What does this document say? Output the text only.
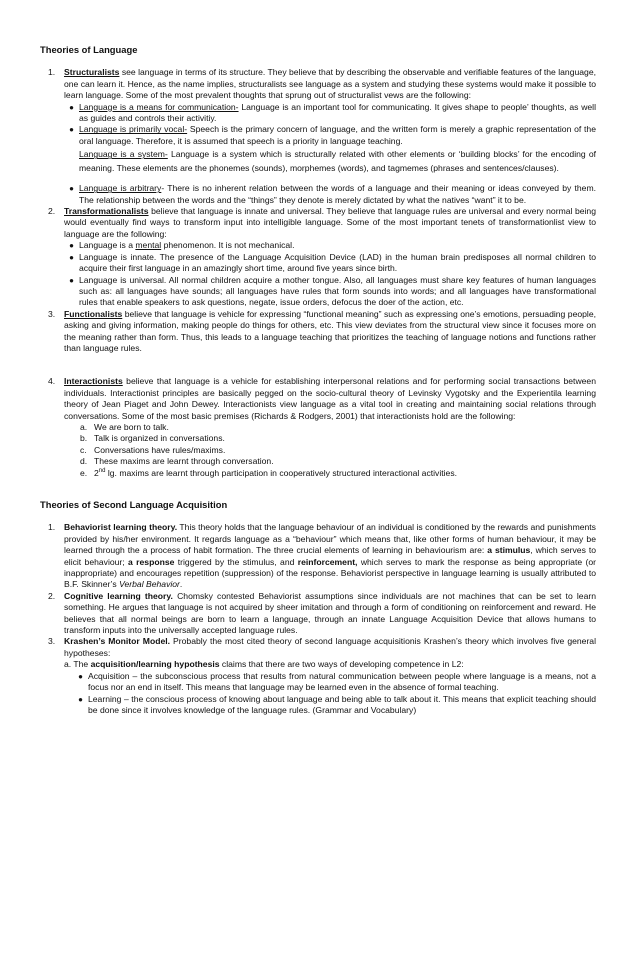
Theories of Language
1.	Structuralists see language in terms of its structure. They believe that by describing the observable and verifiable features of the language, one can learn it. Hence, as the name implies, structuralists see language as a system and studying these systems would make it possible to learn language. Some of the most prevalent thoughts that sprung out of structuralist vews are the following:
● Language is a means for communication- Language is an important tool for communicating. It gives shape to people’ thoughts, as well as guides and controls their activitiy.
● Language is primarily vocal- Speech is the primary concern of language, and the written form is merely a graphic representation of the oral language. Therefore, it is assumed that speech is a priority in language teaching.
Language is a system- Language is a system which is structurally related with other elements or ‘building blocks’ for the encoding of meaning. These elements are the phonemes (sounds), morphemes (words), and tagmemes (phrases and sentences/clauses).
● Language is arbitrary- There is no inherent relation between the words of a language and their meaning or ideas conveyed by them. The relationship between the words and the “things” they denote is merely dictated by what the natives “want” it to be.
2.	Transformationalists believe that language is innate and universal. They believe that language rules are universal and every normal being would eventually find ways to transform input into intelligible language. Some of the most important tenets of transformationlist view to language are the following:
● Language is a mental phenomenon. It is not mechanical.
● Language is innate. The presence of the Language Acquisition Device (LAD) in the human brain predisposes all normal children to acquire their first language in an amazingly short time, around five years since birth.
● Language is universal. All normal children acquire a mother tongue. Also, all languages must share key features of human languages such as: all languages have sounds; all languages have rules that form sounds into words; and all languages have transformational rules that enable speakers to ask questions, negate, issue orders, defocus the doer of the action, etc.
3.	Functionalists believe that language is vehicle for expressing “functional meaning” such as expressing one’s emotions, persuading people, asking and giving information, making people do things for others, etc. This view deviates from the structural view since it focuses more on the meaning rather than form. Thus, this leads to a language teaching that prioritizes the teaching of language notions and functions rather than language rules.
4.	Interactionists believe that language is a vehicle for establishing interpersonal relations and for performing social transactions between individuals. Interactionist principles are basically pegged on the socio-cultural theory of Levinsky Vygotsky and the Experientila learning theory of Jean Piaget and John Dewey. Interactionists view language as a vital tool in creating and maintaining social relations through conversations. Some of the most basic premises (Richards & Rodgers, 2001) that interactionists hold are the following:
a. We are born to talk.
b. Talk is organized in conversations.
c. Conversations have rules/maxims.
d. These maxims are learnt through conversation.
e. 2nd lg. maxims are learnt through participation in cooperatively structured interactional activities.
Theories of Second Language Acquisition
1.	Behaviorist learning theory. This theory holds that the language behaviour of an individual is conditioned by the rewards and punishments provided by his/her environment. It regards language as a “behaviour” which means that, like other forms of human behaviour, it may be learned through the a process of habit formation. The three crucial elements of learning in behaviourism are: a stimulus, which serves to elicit behaviour; a response triggered by the stimulus, and reinforcement, which serves to mark the response as being appropriate (or inappropriate) and encourages repetition (suppression) of the response. Behaviorist perspective in language learning is usually attributed to B.F. Skinner’s Verbal Behavior.
2.	Cognitive learning theory. Chomsky contested Behaviorist assumptions since individuals are not machines that can be set to learn something. He argues that language is not acquired by sheer imitation and through a form of conditioning on reinforcement and reward. He believes that all normal beings are born to learn a language, through an innate Language Acquisition Device that allows humans to transform inputs into the universally accepted language rules.
3.	Krashen’s Monitor Model. Probably the most cited theory of second language acquisitionis Krashen’s theory which involves five general hypotheses:
a. The acquisition/learning hypothesis claims that there are two ways of developing competence in L2:
● Acquisition – the subconscious process that results from natural communication between people where language is a means, not a focus nor an end in itself. This means that language may be learned even in the absence of formal teaching.
● Learning – the conscious process of knowing about language and being able to talk about it. This means that explicit teaching should be done since it involves knowledge of the language rules. (Grammar and Vocabulary)
